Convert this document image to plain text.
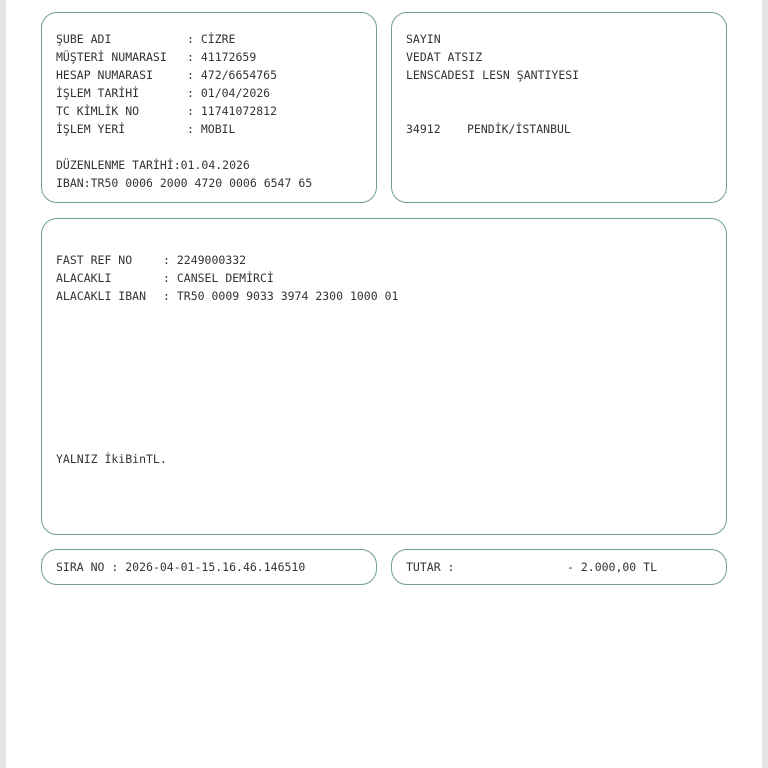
ŞUBE ADI	: CİZRE
MÜŞTERİ NUMARASI	: 41172659
HESAP NUMARASI	: 472/6654765
İŞLEM TARİHİ	: 01/04/2026
TC KİMLİK NO	: 11741072812
İŞLEM YERİ	: MOBIL
DÜZENLENME TARİHİ:01.04.2026
IBAN:TR50 0006 2000 4720 0006 6547 65
SAYIN
VEDAT ATSIZ
LENSCADESI LESN ŞANTIYESI
34912	PENDİK/İSTANBUL
FAST REF NO	: 2249000332
ALACAKLI	: CANSEL DEMİRCİ
ALACAKLI IBAN	: TR50 0009 9033 3974 2300 1000 01
YALNIZ İkiBinTL.
SIRA NO : 2026-04-01-15.16.46.146510	TUTAR :	- 2.000,00 TL
